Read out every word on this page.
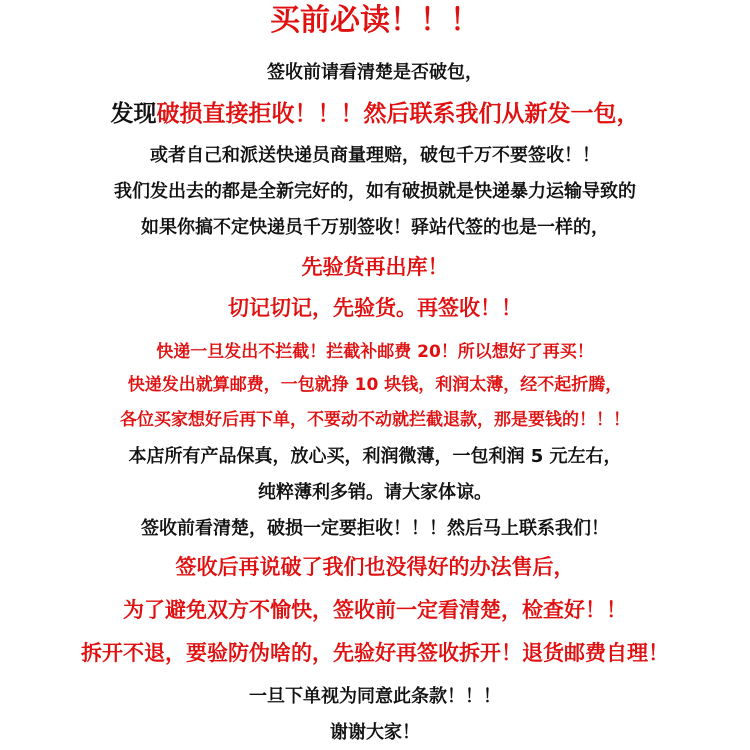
买前必读！！！
签收前请看清楚是否破包，
发现破损直接拒收！！！然后联系我们从新发一包，
或者自己和派送快递员商量理赔，破包千万不要签收！！
我们发出去的都是全新完好的，如有破损就是快递暴力运输导致的
如果你搞不定快递员千万别签收！驿站代签的也是一样的，
先验货再出库！
切记切记，先验货。再签收！！
快递一旦发出不拦截！拦截补邮费 20！所以想好了再买！
快递发出就算邮费，一包就挣 10 块钱，利润太薄，经不起折腾，
各位买家想好后再下单，不要动不动就拦截退款，那是要钱的！！！
本店所有产品保真，放心买，利润微薄，一包利润 5 元左右，
纯粹薄利多销。请大家体谅。
签收前看清楚，破损一定要拒收！！！然后马上联系我们！
签收后再说破了我们也没得好的办法售后，
为了避免双方不愉快，签收前一定看清楚，检查好！！
拆开不退，要验防伪啥的，先验好再签收拆开！退货邮费自理！
一旦下单视为同意此条款！！！
谢谢大家！
